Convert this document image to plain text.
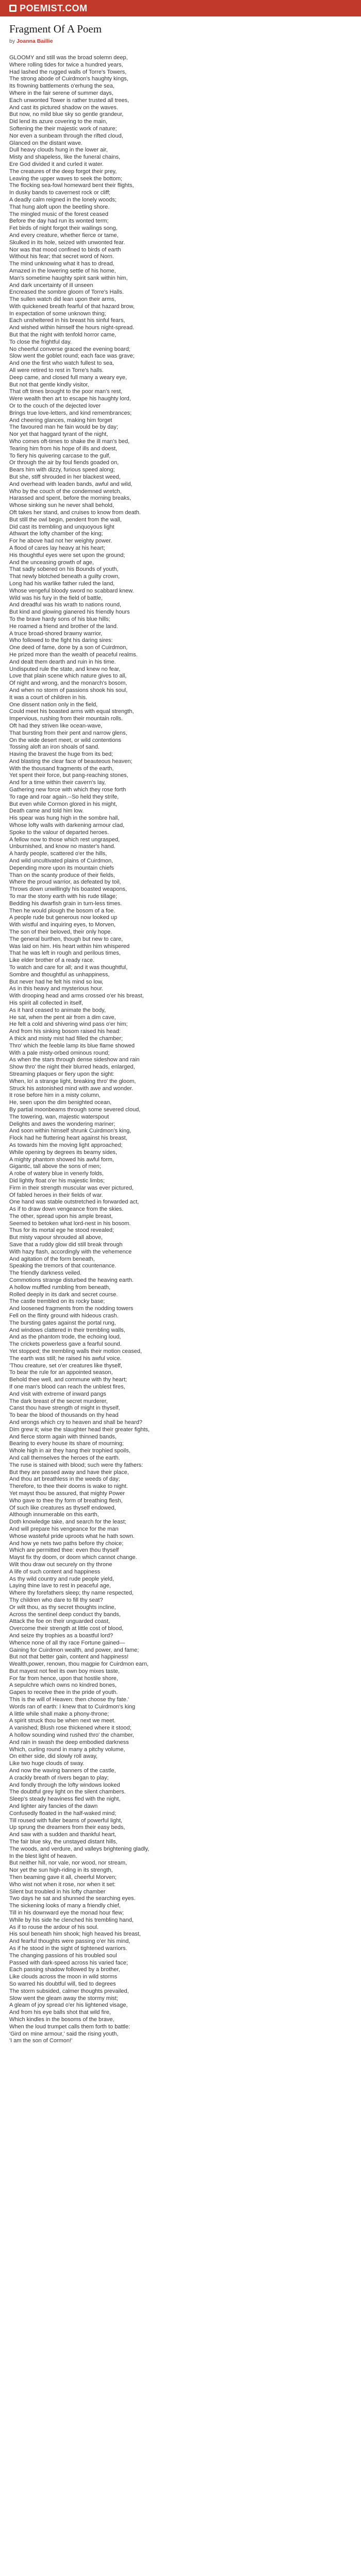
POEMIST.COM
Fragment Of A Poem
by Joanna Baillie
GLOOMY and still was the broad solemn deep,
Where rolling tides for twice a hundred years,
Had lashed the rugged walls of Torre's Towers,
The strong abode of Cuirdmon's haughty kings,
Its frowning battlements o'erhung the sea,
Where in the fair serene of summer days,
Each unwonted Tower is rather trusted all trees,
And cast its pictured shadow on the waves.
But now, no mild blue sky so gentle grandeur,
Did lend its azure covering to the main,
Softening the their majestic work of nature;
Nor even a sunbeam through the rifted cloud,
Glanced on the distant wave.
Dull heavy clouds hung in the lower air,
Misty and shapeless, like the funeral chains,
Ere God divided it and curled it water.
The creatures of the deep forgot their prey,
Leaving the upper waves to seek the bottom;
The flocking sea-fowl homeward bent their flights,
In dusky bands to cavernest rock or cliff;
A deadly calm reigned in the lonely woods;
That hung aloft upon the beetling shore.
The mingled music of the forest ceased
Before the day had run its wonted term;
Fet birds of night forgot their wailings song,
And every creature, whether fierce or tame,
Skulked in its hole, seized with unwonted fear.
Nor was that mood confined to birds of earth
Without his fear; that secret word of Norn.
The mind unknowing what it has to dread,
Amazed in the lowering settle of his home,
Man's sometime haughty spirit sank within him,
And dark uncertainty of ill unseen
Encreased the sombre gloom of Torre's Halls.
The sullen watch did lean upon their arms,
With quickened breath fearful of that hazard brow,
In expectation of some unknown thing;
Each unsheltered in his breast his sinful fears,
And wished within himself the hours night-spread.
But that the night with tenfold horror came,
To close the frightful day.
No cheerful converse graced the evening board;
Slow went the goblet round; each face was grave;
And one the first who watch fullest to sea,
All were retired to rest in Torre's halls.
Deep came, and closed full many a weary eye,
But not that gentle kindly visitor,
That oft times brought to the poor man's rest,
Were wealth then art to escape his haughty lord,
Or to the couch of the dejected lover
Brings true love-letters, and kind remembrances;
And cheering glances, making him forget
The favoured man he fain would be by day;
Nor yet that haggard tyrant of the night,
Who comes oft-times to shake the ill man's bed,
Tearing him from his hope of ills and doest,
To fiery his quivering carcase to the gulf,
Or through the air by foul fiends goaded on,
Bears him with dizzy, furious speed along;
But she, stiff shrouded in her blackest weed,
And overhead with leaden bands, awful and wild,
Who by the couch of the condemned wretch,
Harassed and spent, before the morning breaks,
Whose sinking sun he never shall behold,
Oft takes her stand, and cruises to know from death.
But still the owl begin, pendent from the wall,
Did cast its trembling and unquoyous light
Athwart the lofty chamber of the king;
For he above had not her weighty power.
A flood of cares lay heavy at his heart;
His thoughtful eyes were set upon the ground;
And the unceasing growth of age,
That sadly sobered on his Bounds of youth,
That newly blotched beneath a guilty crown,
Long had his warlike father ruled the land,
Whose vengeful bloody sword no scabbard knew.
Wild was his fury in the field of battle,
And dreadful was his wrath to nations round,
But kind and glowing gianered his friendly hours
To the brave hardy sons of his blue hills;
He roamed a friend and brother of the land.
A truce broad-shored brawny warrior,
Who followed to the fight his daring sires:
One deed of fame, done by a son of Cuirdmon,
He prized more than the wealth of peaceful realms.
And dealt them dearth and ruin in his time.
Undisputed rule the state, and knew no fear,
Love that plain scene which nature gives to all,
Of night and wrong, and the monarch's bosom,
And when no storm of passions shook his soul,
It was a court of children in his.
One dissent nation only in the field,
Could meet his boasted arms with equal strength,
Impervious, rushing from their mountain rolls.
Oft had they striven like ocean-wave,
That bursting from their pent and narrow glens,
On the wide desert meet, or wild contentions
Tossing aloft an iron shoals of sand.
Having the bravest the huge from its bed;
And blasting the clear face of beauteous heaven;
With the thousand fragments of the earth,
Yet spent their force, but pang-reaching stones,
And for a time within their cavern's lay,
Gathering new force with which they rose forth
To rage and roar again.--So held they strife,
But even while Cormon glored in his might,
Death came and told him low.
His spear was hung high in the sombre hall,
Whose lofty walls with darkening armour clad,
Spoke to the valour of departed heroes.
A fellow now to those which rest ungrasped,
Unburnished, and know no master's hand.
A hardy people, scattered o'er the hills,
And wild uncultivated plains of Cuirdmon,
Depending more upon its mountain chiefs
Than on the scanty produce of their fields,
Where the proud warrior, as defeated by toil,
Throws down unwillingly his boasted weapons,
To mar the stony earth with his rude tillage;
Bedding his dwarfish grain in turn-less times.
Then he would plough the bosom of a foe.
A people rude but generous now looked up
With wistful and inquiring eyes, to Morven,
The son of their beloved, their only hope.
The general burthen, though but new to care,
Was laid on him. His heart within him whispered
That he was left in rough and perilous times,
Like elder brother of a ready race.
To watch and care for all; and it was thoughtful,
Sombre and thoughtful as unhappiness,
But never had he felt his mind so low,
As in this heavy and mysterious hour.
With drooping head and arms crossed o'er his breast,
His spirit all collected in itself,
As it hard ceased to animate the body,
He sat, when the pent air from a dim cave,
He felt a cold and shivering wind pass o'er him;
And from his sinking bosom raised his head:
A thick and misty mist had filled the chamber;
Thro' which the feeble lamp its blue flame showed
With a pale misty-orbed ominous round;
As when the stars through dense sideshow and rain
Show thro' the night their blurred heads, enlarged,
Streaming plaques or fiery upon the sight:
When, lo! a strange light, breaking thro' the gloom,
Struck his astonished mind with awe and wonder.
It rose before him in a misty column,
He, seen upon the dim benighted ocean,
By partial moonbeams through some severed cloud,
The towering, wan, majestic waterspout
Delights and awes the wondering mariner;
And soon within himself shrunk Cuirdmon's king,
Flock had he fluttering heart against his breast,
As towards him the moving light approached;
While opening by degrees its beamy sides,
A mighty phantom showed his awful form,
Gigantic, tall above the sons of men;
A robe of watery blue in venerly folds,
Did lightly float o'er his majestic limbs;
Firm in their strength muscular was ever pictured,
Of fabled heroes in their fields of war.
One hand was stable outstretched in forwarded act,
As if to draw down vengeance from the skies.
The other, spread upon his ample breast,
Seemed to betoken what lord-nest in his bosom.
Thus for its mortal ege he stood revealed;
But misty vapour shrouded all above,
Save that a ruddy glow did still break through
With hazy flash, accordingly with the vehemence
And agitation of the form beneath,
Speaking the tremors of that countenance.
The friendly darkness veiled.
Commotions strange disturbed the heaving earth.
A hollow muffled rumbling from beneath,
Rolled deeply in its dark and secret course.
The castle trembled on its rocky base;
And loosened fragments from the nodding towers
Fell on the flinty ground with hideous crash.
The bursting gates against the portal rung,
And windows clattered in their trembling walls,
And as the phantom trode, the echoing loud,
The crickets powerless gave a fearful sound.
Yet stopped; the trembling walls their motion ceased,
The earth was still; he raised his awful voice.
'Thou creature, set o'er creatures like thyself,
To bear the rule for an appointed season,
Behold thee well, and commune with thy heart;
If one man's blood can reach the unblest fires,
And visit with extreme of inward pangs
The dark breast of the secret murderer,
Canst thou have strength of might in thyself,
To bear the blood of thousands on thy head
And wrongs which cry to heaven and shall be heard?
Dim grew it; wise the slaughter head their greater fights,
And fierce storm again with thinned bands,
Bearing to every house its share of mourning;
Whole high in air they hang their trophied spoils,
And call themselves the heroes of the earth.
The ruse is stained with blood; such were thy fathers:
But they are passed away and have their place,
And thou art breathless in the weeds of day;
Therefore, to thee their dooms is wake to night.
Yet mayst thou be assured, that mighty Power
Who gave to thee thy form of breathing flesh,
Of such like creatures as thyself endowed,
Although innumerable on this earth,
Doth knowledge take, and search for the least;
And will prepare his vengeance for the man
Whose wasteful pride uproots what he hath sown.
And how ye nets two paths before thy choice;
Which are permitted thee: even thou thyself
Mayst fix thy doom, or doom which cannot change.
Wilt thou draw out securely on thy throne
A life of such content and happiness
As thy wild country and rude people yield,
Laying thine lave to rest in peaceful age,
Where thy forefathers sleep; thy name respected,
Thy children who dare to fill thy seat?
Or wilt thou, as thy secret thoughts incline,
Across the sentinel deep conduct thy bands,
Attack the foe on their unguarded coast,
Overcome their strength at little cost of blood,
And seize thy trophies as a boastful lord?
Whence none of all thy race Fortune gained—
Gaining for Cuirdmon wealth, and power, and fame;
But not that better gain, content and happiness!
Wealth,power, renown, thou magpie for Cuirdmon earn,
But mayest not feel its own boy mixes taste,
For far from hence, upon that hostile shore,
A sepulchre which owns no kindred bones,
Gapes to receive thee in the pride of youth.
This is the will of Heaven: then choose thy fate.'
Words ran of earth: I knew that to Cuirdmon's king
A little while shall make a phony-throne;
A spirit struck thou be when next we meet.
A vanished; Blush rose thickened where it stood;
A hollow sounding wind rushed thro' the chamber,
And rain in swash the deep embodied darkness
Which, curling round in many a pitchy volume,
On either side, did slowly roll away,
Like two huge clouds of sway.
And now the waving banners of the castle,
A crackly breath of rivers began to play;
And fondly through the lofty windows looked
The doubtful grey light on the silent chambers.
Sleep's steady heaviness fled with the night,
And lighter airy fancies of the dawn
Confusedly floated in the half-waked mind;
Till roused with fuller beams of powerful light,
Up sprung the dreamers from their easy beds,
And saw with a sudden and thankful heart,
The fair blue sky, the unstayed distant hills,
The woods, and verdure, and valleys brightening gladly,
In the blest light of heaven.
But neither hill, nor vale, nor wood, nor stream,
Nor yet the sun high-riding in its strength,
Then beaming gave it all, cheerful Morven;
Who wist not when it rose, nor when it set:
Silent but troubled in his lofty chamber
Two days he sat and shunned the searching eyes.
The sickening looks of many a friendly chief,
Till in his downward eye the monad hour flew;
While by his side he clenched his trembling hand,
As if to rouse the ardour of his soul.
His soul beneath him shook; high heaved his breast,
And fearful thoughts were passing o'er his mind,
As if he stood in the sight of tightened warriors.
The changing passions of his troubled soul
Passed with dark-speed across his varied face;
Each passing shadow followed by a brother,
Like clouds across the moon in wild storms
So warred his doubtful will, tied to degrees
The storm subsided, calmer thoughts prevailed,
Slow went the gleam away the stormy mist;
A gleam of joy spread o'er his lightened visage,
And from his eye balls shot that wild fire,
Which kindles in the bosoms of the brave,
When the loud trumpet calls them forth to battle:
'Gird on mine armour,' said the rising youth,
'I am the son of Cormon!'
